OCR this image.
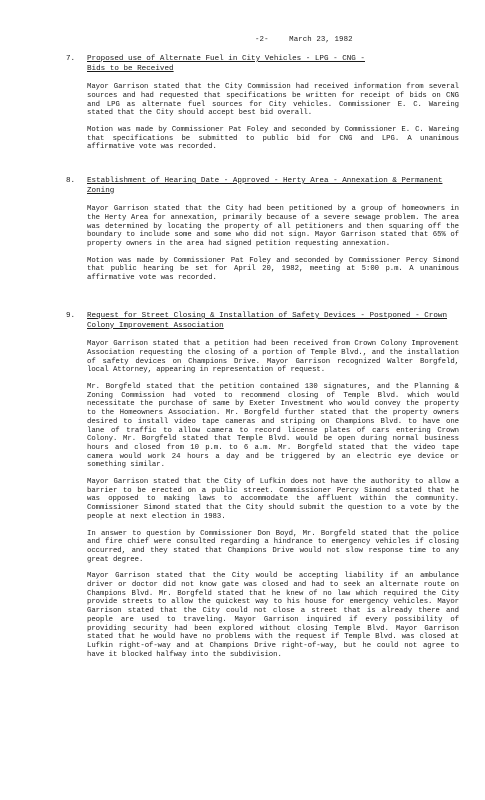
-2-	March 23, 1982
7. Proposed use of Alternate Fuel in City Vehicles - LPG - CNG -
Bids to be Received

Mayor Garrison stated that the City Commission had received information from several sources and had requested that specifications be written for receipt of bids on CNG and LPG as alternate fuel sources for City vehicles. Commissioner E. C. Wareing stated that the City should accept best bid overall.

Motion was made by Commissioner Pat Foley and seconded by Commissioner E. C. Wareing that specifications be submitted to public bid for CNG and LPG. A unanimous affirmative vote was recorded.

8. Establishment of Hearing Date - Approved - Herty Area - Annexation & Permanent Zoning

Mayor Garrison stated that the City had been petitioned by a group of homeowners in the Herty Area for annexation, primarily because of a severe sewage problem. The area was determined by locating the property of all petitioners and then squaring off the boundary to include some and some who did not sign. Mayor Garrison stated that 65% of property owners in the area had signed petition requesting annexation.

Motion was made by Commissioner Pat Foley and seconded by Commissioner Percy Simond that public hearing be set for April 20, 1982, meeting at 5:00 p.m. A unanimous affirmative vote was recorded.

9. Request for Street Closing & Installation of Safety Devices - Postponed - Crown Colony Improvement Association

Mayor Garrison stated that a petition had been received from Crown Colony Improvement Association requesting the closing of a portion of Temple Blvd., and the installation of safety devices on Champions Drive. Mayor Garrison recognized Walter Borgfeld, local Attorney, appearing in representation of request.

Mr. Borgfeld stated that the petition contained 130 signatures, and the Planning & Zoning Commission had voted to recommend closing of Temple Blvd. which would necessitate the purchase of same by Exeter Investment who would convey the property to the Homeowners Association. Mr. Borgfeld further stated that the property owners desired to install video tape cameras and striping on Champions Blvd. to have one lane of traffic to allow camera to record license plates of cars entering Crown Colony. Mr. Borgfeld stated that Temple Blvd. would be open during normal business hours and closed from 10 p.m. to 6 a.m. Mr. Borgfeld stated that the video tape camera would work 24 hours a day and be triggered by an electric eye device or something similar.

Mayor Garrison stated that the City of Lufkin does not have the authority to allow a barrier to be erected on a public street. Commissioner Percy Simond stated that he was opposed to making laws to accommodate the affluent within the community. Commissioner Simond stated that the City should submit the question to a vote by the people at next election in 1983.

In answer to question by Commissioner Don Boyd, Mr. Borgfeld stated that the police and fire chief were consulted regarding a hindrance to emergency vehicles if closing occurred, and they stated that Champions Drive would not slow response time to any great degree.

Mayor Garrison stated that the City would be accepting liability if an ambulance driver or doctor did not know gate was closed and had to seek an alternate route on Champions Blvd. Mr. Borgfeld stated that he knew of no law which required the City provide streets to allow the quickest way to his house for emergency vehicles. Mayor Garrison stated that the City could not close a street that is already there and people are used to traveling. Mayor Garrison inquired if every possibility of providing security had been explored without closing Temple Blvd. Mayor Garrison stated that he would have no problems with the request if Temple Blvd. was closed at Lufkin right-of-way and at Champions Drive right-of-way, but he could not agree to have it blocked halfway into the subdivision.
